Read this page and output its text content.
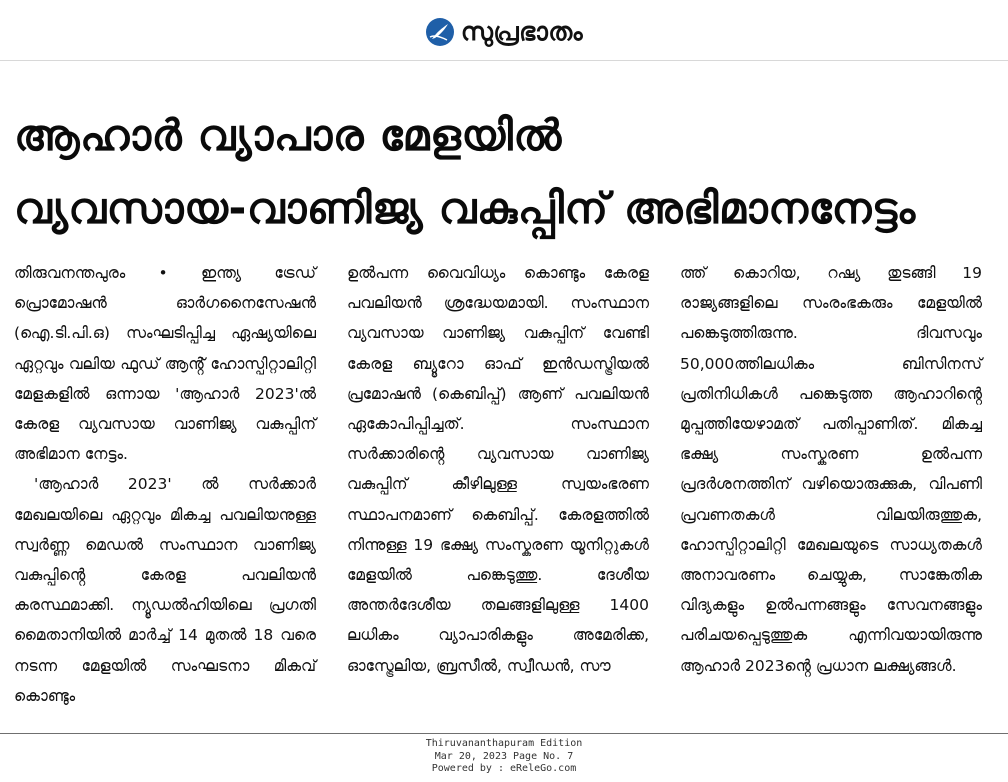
സുപ്രഭാതം
ആഹാർ വ്യാപാര മേളയിൽ
വ്യവസായ-വാണിജ്യ വകുപ്പിന് അഭിമാനനേട്ടം

തിരുവനന്തപുരം • ഇന്ത്യ ട്രേഡ് പ്രൊമോഷൻ ഓർഗനൈസേഷൻ (ഐ.ടി.പി.ഒ) സംഘടിപ്പിച്ച ഏഷ്യയിലെ ഏറ്റവും വലിയ ഫുഡ് ആൻ്റ് ഹോസ്പിറ്റാലിറ്റി മേളകളിൽ ഒന്നായ 'ആഹാർ 2023'ൽ കേരള വ്യവസായ വാണിജ്യ വകുപ്പിന് അഭിമാന നേട്ടം.

'ആഹാർ 2023' ൽ സർക്കാർ മേഖലയിലെ ഏറ്റവും മികച്ച പവലിയനുള്ള സ്വർണ്ണ മെഡൽ സംസ്ഥാന വാണിജ്യ വകുപ്പിൻ്റെ കേരള പവലിയൻ കരസ്ഥമാക്കി. ന്യൂഡൽഹിയിലെ പ്രഗതി മൈതാനിയിൽ മാർച്ച് 14 മുതൽ 18 വരെ നടന്ന മേളയിൽ സംഘടനാ മികവ് കൊണ്ടും

ഉൽപന്ന വൈവിധ്യം കൊണ്ടും കേരള പവലിയൻ ശ്രദ്ധേയമായി. സംസ്ഥാന വ്യവസായ വാണിജ്യ വകുപ്പിന് വേണ്ടി കേരള ബ്യൂറോ ഓഫ് ഇൻഡസ്ട്രിയൽ പ്രമോഷൻ (കെബിപ്പ്) ആണ് പവലിയൻ ഏകോപിപ്പിച്ചത്. സംസ്ഥാന സർക്കാരിൻ്റെ വ്യവസായ വാണിജ്യ വകുപ്പിന് കീഴിലുള്ള സ്വയംഭരണ സ്ഥാപനമാണ് കെബിപ്പ്. കേരളത്തിൽ നിന്നുള്ള 19 ഭക്ഷ്യ സംസ്കരണ യൂനിറ്റുകൾ മേളയിൽ പങ്കെടുത്തു. ദേശീയ അന്തർദേശീയ തലങ്ങളിലുള്ള 1400 ലധികം വ്യാപാരികളും അമേരിക്ക, ഓസ്ട്രേലിയ, ബ്രസീൽ, സ്വീഡൻ, സൗ

ത്ത് കൊറിയ, റഷ്യ തുടങ്ങി 19 രാജ്യങ്ങളിലെ സംരംഭകരും മേളയിൽ പങ്കെടുത്തിരുന്നു. ദിവസവും 50,000ത്തിലധികം ബിസിനസ് പ്രതിനിധികൾ പങ്കെടുത്ത ആഹാറിൻ്റെ മുപ്പത്തിയേഴാമത് പതിപ്പാണിത്. മികച്ച ഭക്ഷ്യ സംസ്കരണ ഉൽപന്ന പ്രദർശനത്തിന് വഴിയൊരുക്കുക, വിപണി പ്രവണതകൾ വിലയിരുത്തുക, ഹോസ്പിറ്റാലിറ്റി മേഖലയുടെ സാധ്യതകൾ അനാവരണം ചെയ്യുക, സാങ്കേതിക വിദ്യകളും ഉൽപന്നങ്ങളും സേവനങ്ങളും പരിചയപ്പെടുത്തുക എന്നിവയായിരുന്നു ആഹാർ 2023ൻ്റെ പ്രധാന ലക്ഷ്യങ്ങൾ.

Thiruvananthapuram Edition
Mar 20, 2023 Page No. 7
Powered by : eReleGo.com
